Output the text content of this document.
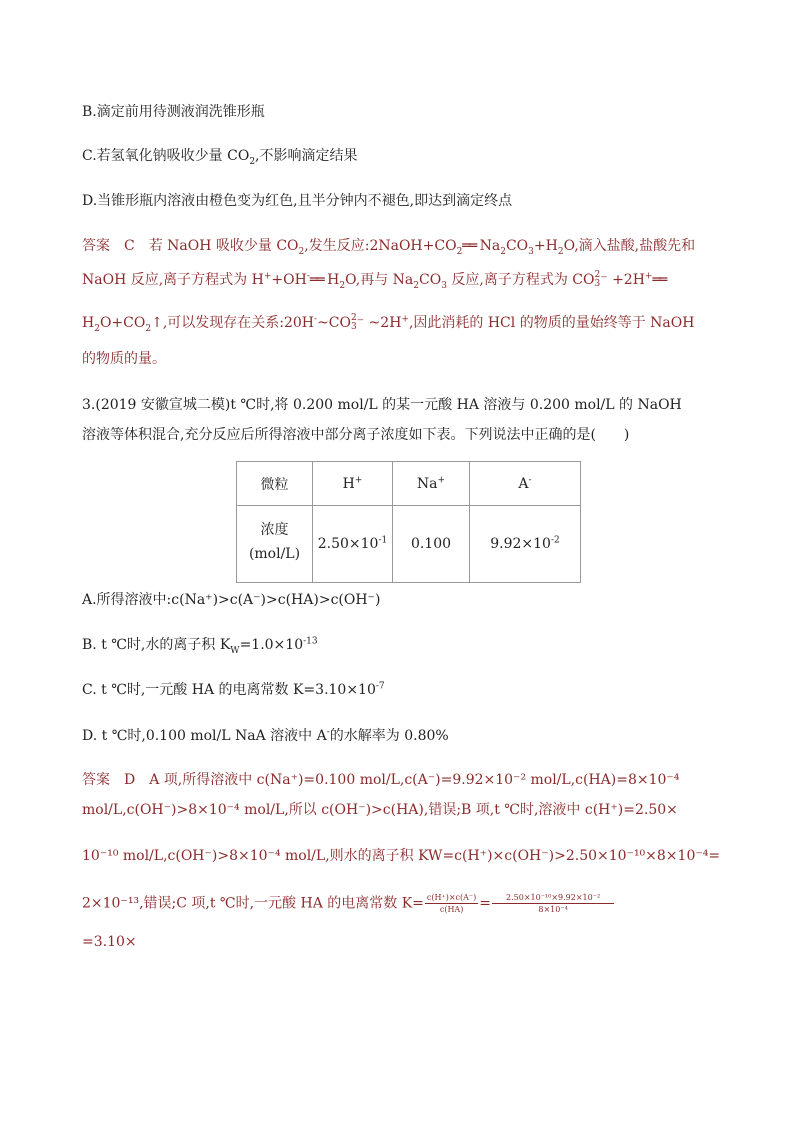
B.滴定前用待测液润洗锥形瓶
C.若氢氧化钠吸收少量 $CO_2$,不影响滴定结果
D.当锥形瓶内溶液由橙色变为红色,且半分钟内不褪色,即达到滴定终点
答案　C　若 NaOH 吸收少量 $CO_2$,发生反应$:2NaOH+CO_2══$ $Na_2CO_3+H_2O$,滴入盐酸,盐酸先和
NaOH 反应,离子方程式为 H++OH-══ $H_2O$,再与 $Na_2CO_3$ 反应,离子方程式为 CO2
3⁻ +2H+══
$H_2O+CO_2↑$,可以发现存在关系:20H-~CO2
3⁻ ~2H+,因此消耗的 HCl 的物质的量始终等于 NaOH
的物质的量。
3.(2019 安徽宣城二模)t ℃时,将 0.200 mol/L 的某一元酸 HA 溶液与 0.200 mol/L 的 NaOH
溶液等体积混合,充分反应后所得溶液中部分离子浓度如下表。下列说法中正确的是(　　)
微粒	H+	Na+	A-
浓度
(mol/L)	$2.50\times 10^{-1}$	0.100	$9.92\times 10^{-2}$
A.所得溶液中:c(Na⁺)>c(A⁻)>c(HA)>c(OH⁻)
B. t ℃时,水的离子积 $K_W=1.0\times 10^{-13}$
C. t ℃时,一元酸 HA 的电离常数 $K=3.10\times 10^{-7}$
D. t ℃时,0.100 mol/L NaA 溶液中 A-的水解率为 0.80%
答案　D　A 项,所得溶液中 c(Na⁺)=0.100 mol/L,c(A⁻)=9.92×10⁻² mol/L,c(HA)=8×10⁻⁴
mol/L,c(OH⁻)>8×10⁻⁴ mol/L,所以 c(OH⁻)>c(HA),错误;B 项,t ℃时,溶液中 c(H⁺)=2.50×
10⁻¹⁰ mol/L,c(OH⁻)>8×10⁻⁴ mol/L,则水的离子积 KW=c(H⁺)×c(OH⁻)>2.50×10⁻¹⁰×8×10⁻⁴=
2×10⁻¹³,错误;C 项,t ℃时,一元酸 HA 的电离常数 $K= \frac{c(H^+)\times c(A^-)}{c(HA)} = \frac{\text{2.50×10⁻¹⁰×9.92×10⁻²}}{\text{8×10⁻⁴}}$
=3.10×
